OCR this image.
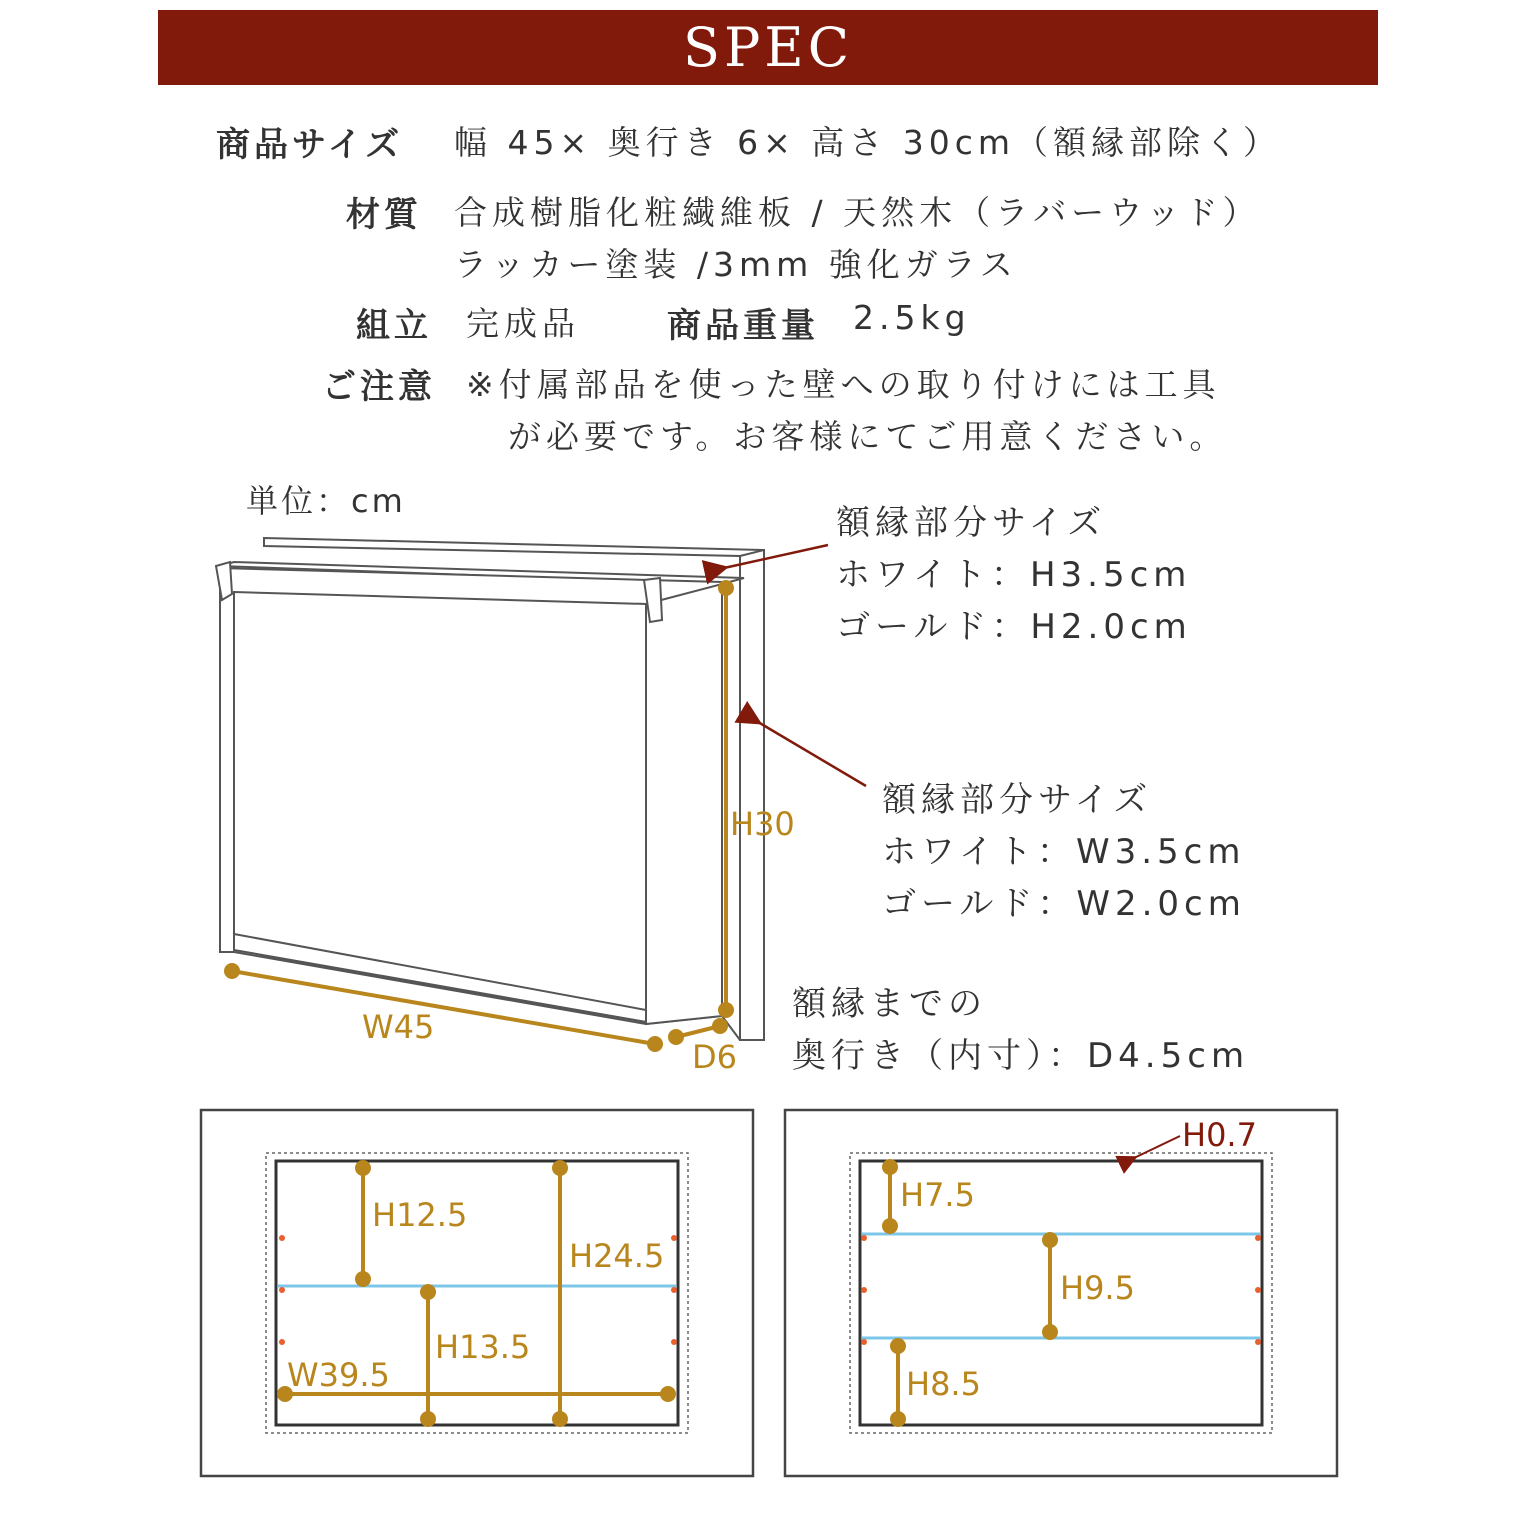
SPEC
商品サイズ 幅 45× 奥行き 6× 高さ 30cm（額縁部除く）
材質 合成樹脂化粧繊維板 / 天然木（ラバーウッド）
ラッカー塗装 /3mm 強化ガラス
組立 完成品	商品重量 2.5kg
ご注意 ※付属部品を使った壁への取り付けには工具
が必要です。お客様にてご用意ください。
単位：cm
H30
W45
D6
額縁部分サイズ
ホワイト：H3.5cm
ゴールド：H2.0cm
額縁部分サイズ
ホワイト：W3.5cm
ゴールド：W2.0cm
額縁までの
奥行き（内寸）：D4.5cm
H12.5
H24.5
H13.5
W39.5
H0.7
H7.5
H9.5
H8.5
